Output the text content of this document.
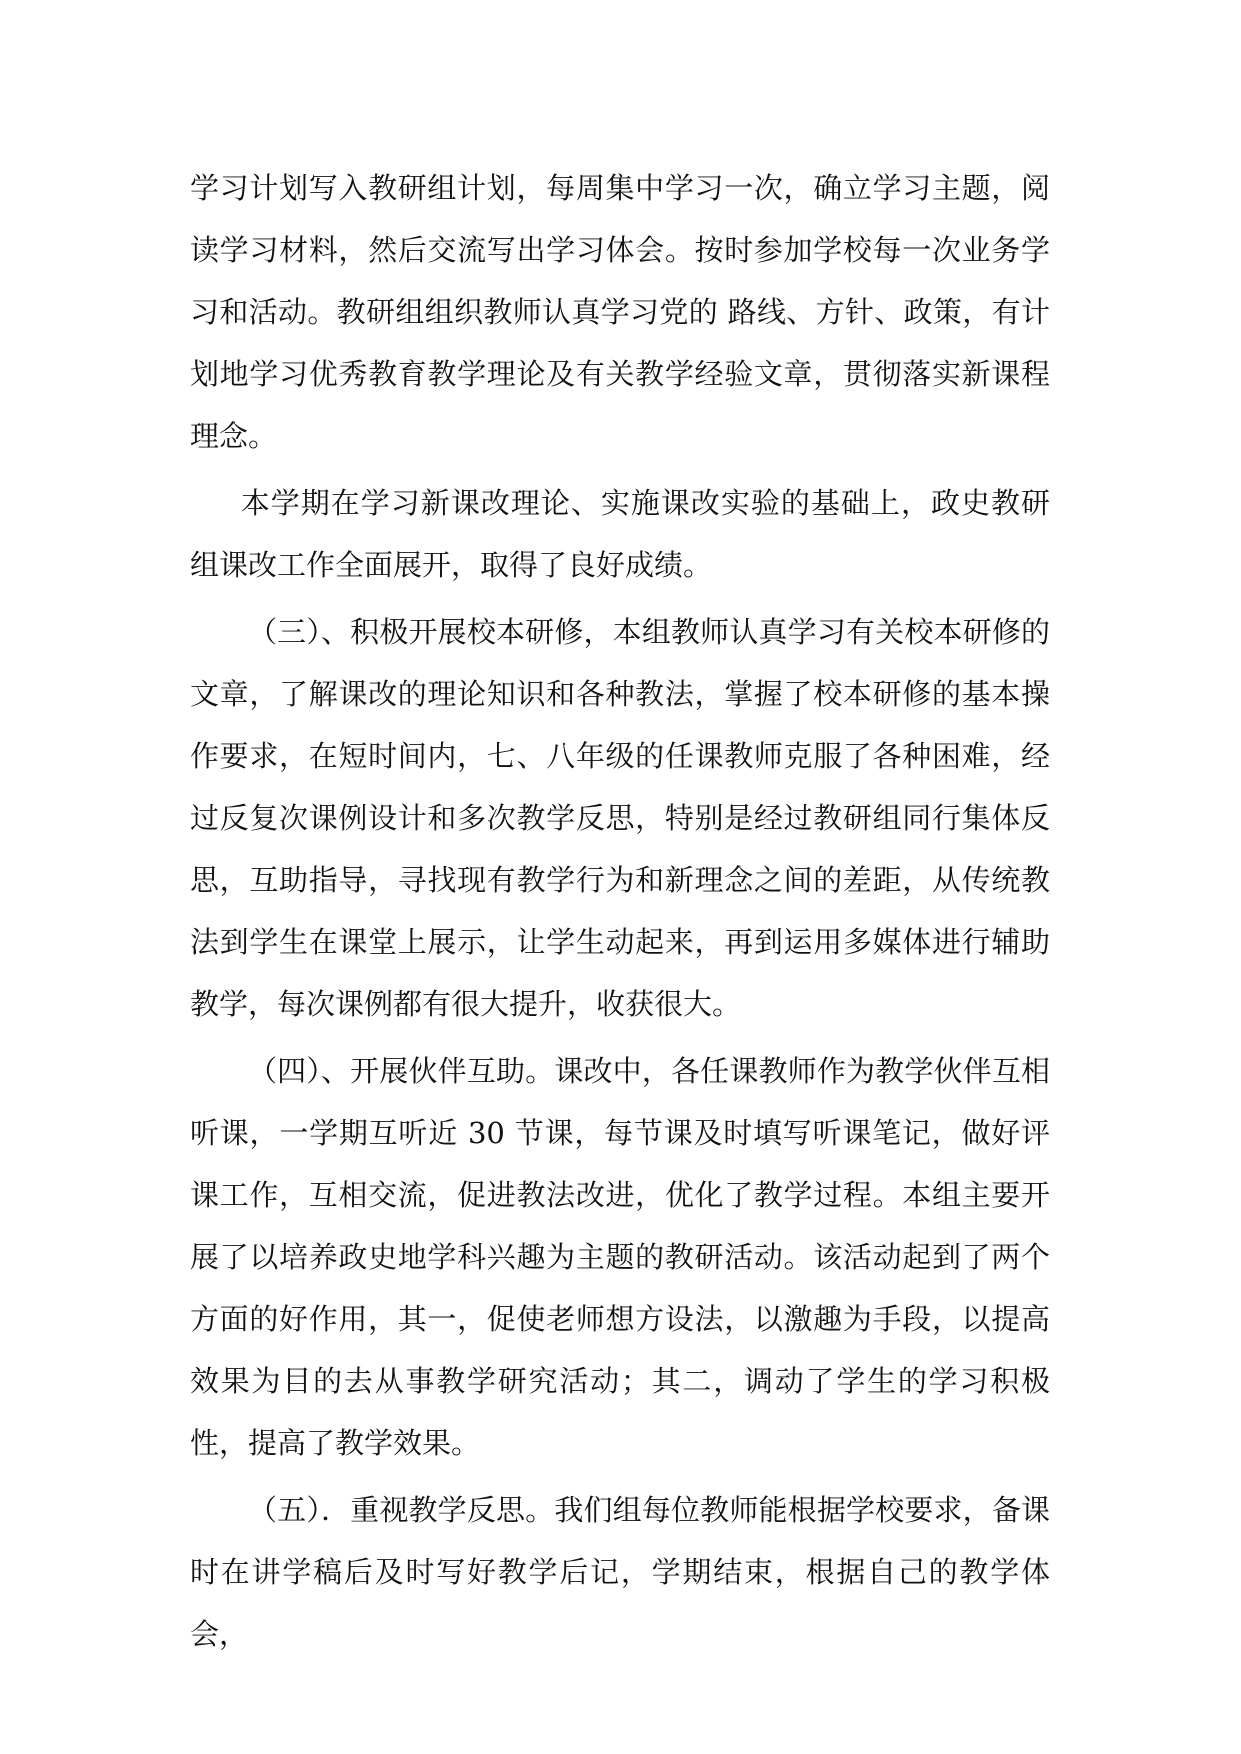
学习计划写入教研组计划，每周集中学习一次，确立学习主题，阅读学习材料，然后交流写出学习体会。按时参加学校每一次业务学习和活动。教研组组织教师认真学习党的 路线、方针、政策，有计划地学习优秀教育教学理论及有关教学经验文章，贯彻落实新课程理念。

本学期在学习新课改理论、实施课改实验的基础上，政史教研组课改工作全面展开，取得了良好成绩。

（三）、积极开展校本研修，本组教师认真学习有关校本研修的文章，了解课改的理论知识和各种教法，掌握了校本研修的基本操作要求，在短时间内，七、八年级的任课教师克服了各种困难，经过反复次课例设计和多次教学反思，特别是经过教研组同行集体反思，互助指导，寻找现有教学行为和新理念之间的差距，从传统教法到学生在课堂上展示，让学生动起来，再到运用多媒体进行辅助教学，每次课例都有很大提升，收获很大。

（四）、开展伙伴互助。课改中，各任课教师作为教学伙伴互相听课，一学期互听近 30 节课，每节课及时填写听课笔记，做好评课工作，互相交流，促进教法改进，优化了教学过程。本组主要开展了以培养政史地学科兴趣为主题的教研活动。该活动起到了两个方面的好作用，其一，促使老师想方设法，以激趣为手段，以提高效果为目的去从事教学研究活动；其二，调动了学生的学习积极性，提高了教学效果。

（五）．重视教学反思。我们组每位教师能根据学校要求，备课时在讲学稿后及时写好教学后记，学期结束，根据自己的教学体会，
